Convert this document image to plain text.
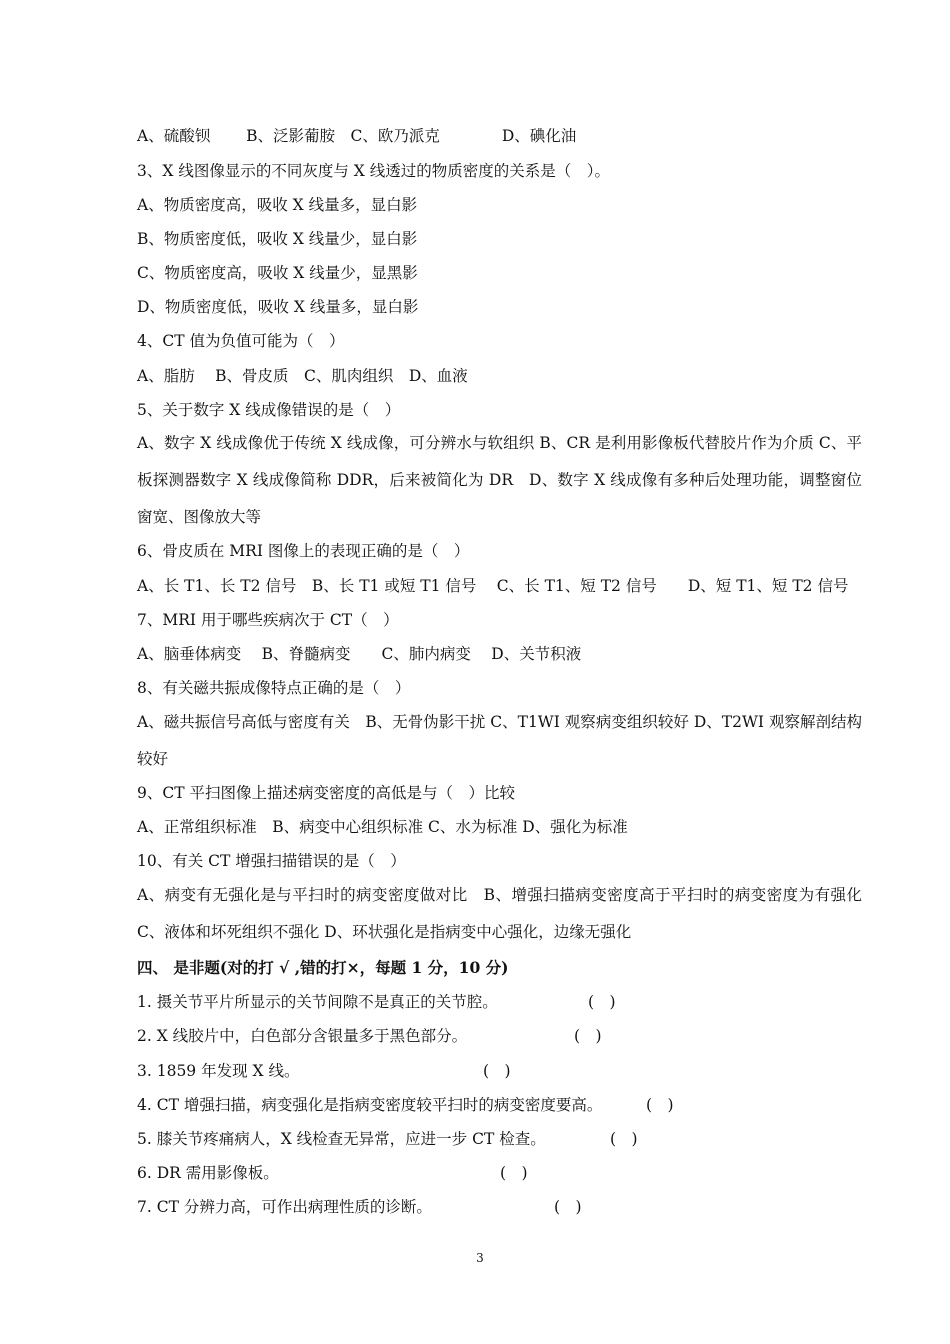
A、硫酸钡　　 B、泛影葡胺　C、欧乃派克　　　　D、碘化油
3、X 线图像显示的不同灰度与 X 线透过的物质密度的关系是（　）。
A、物质密度高，吸收 X 线量多，显白影
B、物质密度低，吸收 X 线量少，显白影
C、物质密度高，吸收 X 线量少，显黑影
D、物质密度低，吸收 X 线量多，显白影
4、CT 值为负值可能为（　）
A、脂肪　 B、骨皮质　C、肌肉组织　D、血液
5、关于数字 X 线成像错误的是（　）
A、数字 X 线成像优于传统 X 线成像，可分辨水与软组织 B、CR 是利用影像板代替胶片作为介质 C、平板探测器数字 X 线成像简称 DDR，后来被简化为 DR　D、数字 X 线成像有多种后处理功能，调整窗位窗宽、图像放大等
6、骨皮质在 MRI 图像上的表现正确的是（　）
A、长 T1、长 T2 信号　B、长 T1 或短 T1 信号　 C、长 T1、短 T2 信号　　D、短 T1、短 T2 信号
7、MRI 用于哪些疾病次于 CT（　）
A、脑垂体病变　 B、脊髓病变　　C、肺内病变　 D、关节积液
8、有关磁共振成像特点正确的是（　）
A、磁共振信号高低与密度有关　B、无骨伪影干扰 C、T1WI 观察病变组织较好 D、T2WI 观察解剖结构较好
9、CT 平扫图像上描述病变密度的高低是与（　）比较
A、正常组织标准　B、病变中心组织标准 C、水为标准 D、强化为标准
10、有关 CT 增强扫描错误的是（　）
A、病变有无强化是与平扫时的病变密度做对比　B、增强扫描病变密度高于平扫时的病变密度为有强化 C、液体和坏死组织不强化 D、环状强化是指病变中心强化，边缘无强化
四、 是非题(对的打 √ ,错的打×，每题 1 分，10 分)
1. 摄关节平片所显示的关节间隙不是真正的关节腔。	(　)
2. X 线胶片中，白色部分含银量多于黑色部分。	(　)
3. 1859 年发现 X 线。	(　)
4. CT 增强扫描，病变强化是指病变密度较平扫时的病变密度要高。	(　)
5. 膝关节疼痛病人，X 线检查无异常，应进一步 CT 检查。	(　)
6. DR 需用影像板。	(　)
7. CT 分辨力高，可作出病理性质的诊断。	(　)
3
